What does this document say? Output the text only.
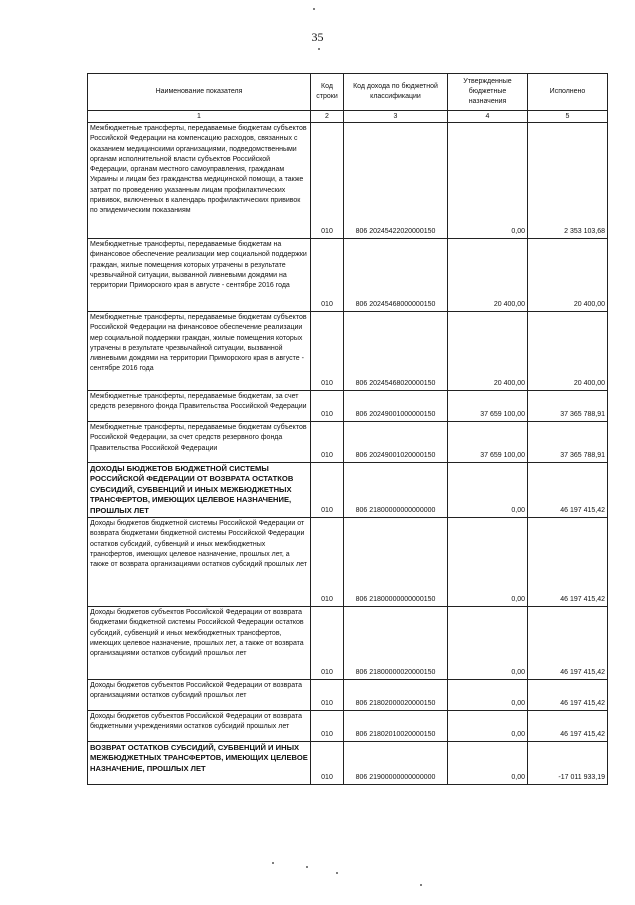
35
Наименование показателя	Код строки	Код дохода по бюджетной классификации	Утвержденные бюджетные назначения	Исполнено
1	2	3	4	5

Межбюджетные трансферты, передаваемые бюджетам субъектов Российской Федерации на компенсацию расходов, связанных с оказанием медицинскими организациями, подведомственными органам исполнительной власти субъектов Российской Федерации, органам местного самоуправления, гражданам Украины и лицам без гражданства медицинской помощи, а также затрат по проведению указанным лицам профилактических прививок, включенных в календарь профилактических прививок по эпидемическим показаниям	010	806 20245422020000150	0,00	2 353 103,68

Межбюджетные трансферты, передаваемые бюджетам на финансовое обеспечение реализации мер социальной поддержки граждан, жилые помещения которых утрачены в результате чрезвычайной ситуации, вызванной ливневыми дождями на территории Приморского края в августе - сентябре 2016 года	010	806 20245468000000150	20 400,00	20 400,00

Межбюджетные трансферты, передаваемые бюджетам субъектов Российской Федерации на финансовое обеспечение реализации мер социальной поддержки граждан, жилые помещения которых утрачены в результате чрезвычайной ситуации, вызванной ливневыми дождями на территории Приморского края в августе - сентябре 2016 года	010	806 20245468020000150	20 400,00	20 400,00

Межбюджетные трансферты, передаваемые бюджетам, за счет средств резервного фонда Правительства Российской Федерации	010	806 20249001000000150	37 659 100,00	37 365 788,91

Межбюджетные трансферты, передаваемые бюджетам субъектов Российской Федерации, за счет средств резервного фонда Правительства Российской Федерации	010	806 20249001020000150	37 659 100,00	37 365 788,91

ДОХОДЫ БЮДЖЕТОВ БЮДЖЕТНОЙ СИСТЕМЫ РОССИЙСКОЙ ФЕДЕРАЦИИ ОТ ВОЗВРАТА ОСТАТКОВ СУБСИДИЙ, СУБВЕНЦИЙ И ИНЫХ МЕЖБЮДЖЕТНЫХ ТРАНСФЕРТОВ, ИМЕЮЩИХ ЦЕЛЕВОЕ НАЗНАЧЕНИЕ, ПРОШЛЫХ ЛЕТ	010	806 21800000000000000	0,00	46 197 415,42

Доходы бюджетов бюджетной системы Российской Федерации от возврата бюджетами бюджетной системы Российской Федерации остатков субсидий, субвенций и иных межбюджетных трансфертов, имеющих целевое назначение, прошлых лет, а также от возврата организациями остатков субсидий прошлых лет	010	806 21800000000000150	0,00	46 197 415,42

Доходы бюджетов субъектов Российской Федерации от возврата бюджетами бюджетной системы Российской Федерации остатков субсидий, субвенций и иных межбюджетных трансфертов, имеющих целевое назначение, прошлых лет, а также от возврата организациями остатков субсидий прошлых лет	010	806 21800000020000150	0,00	46 197 415,42

Доходы бюджетов субъектов Российской Федерации от возврата организациями остатков субсидий прошлых лет	010	806 21802000020000150	0,00	46 197 415,42

Доходы бюджетов субъектов Российской Федерации от возврата бюджетными учреждениями остатков субсидий прошлых лет	010	806 21802010020000150	0,00	46 197 415,42

ВОЗВРАТ ОСТАТКОВ СУБСИДИЙ, СУБВЕНЦИЙ И ИНЫХ МЕЖБЮДЖЕТНЫХ ТРАНСФЕРТОВ, ИМЕЮЩИХ ЦЕЛЕВОЕ НАЗНАЧЕНИЕ, ПРОШЛЫХ ЛЕТ	010	806 21900000000000000	0,00	-17 011 933,19
